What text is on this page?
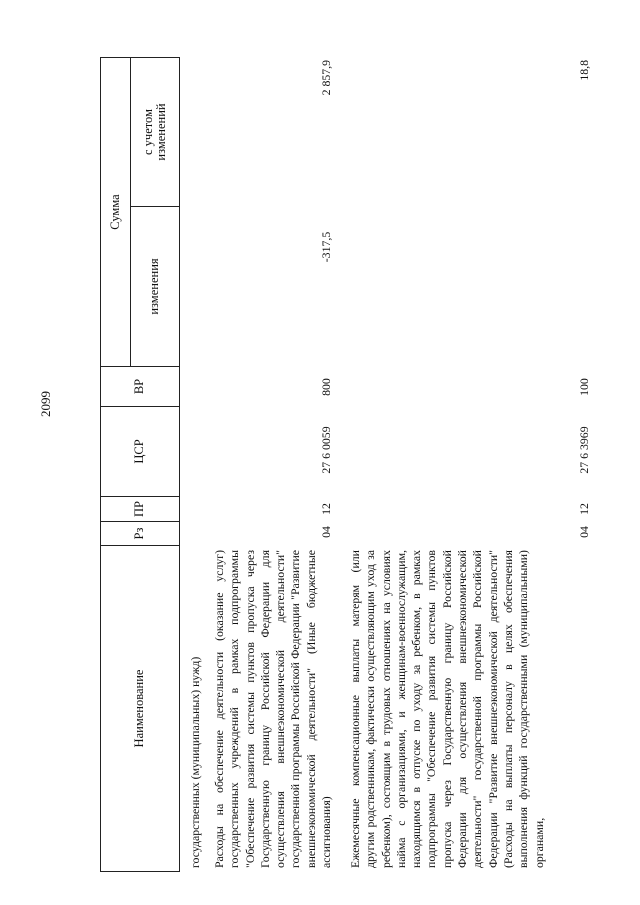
2099
Наименование
Рз
ПР
ЦСР
ВР
Сумма
изменения
с учетом изменений
государственных (муниципальных) нужд) Расходы на обеспечение деятельности (оказание услуг) государственных учреждений в рамках подпрограммы "Обеспечение развития системы пунктов пропуска через Государственную границу Российской Федерации для осуществления внешнеэкономической деятельности" государственной программы Российской Федерации "Развитие внешнеэкономической деятельности" (Иные бюджетные ассигнования)
04
12
27 6 0059
800
-317,5
2 857,9
Ежемесячные компенсационные выплаты матерям (или другим родственникам, фактически осуществляющим уход за ребенком), состоящим в трудовых отношениях на условиях найма с организациями, и женщинам-военнослужащим, находящимся в отпуске по уходу за ребенком, в рамках подпрограммы "Обеспечение развития системы пунктов пропуска через Государственную границу Российской Федерации для осуществления внешнеэкономической деятельности" государственной программы Российской Федерации "Развитие внешнеэкономической деятельности" (Расходы на выплаты персоналу в целях обеспечения выполнения функций государственными (муниципальными) органами,
04
12
27 6 3969
100
18,8
